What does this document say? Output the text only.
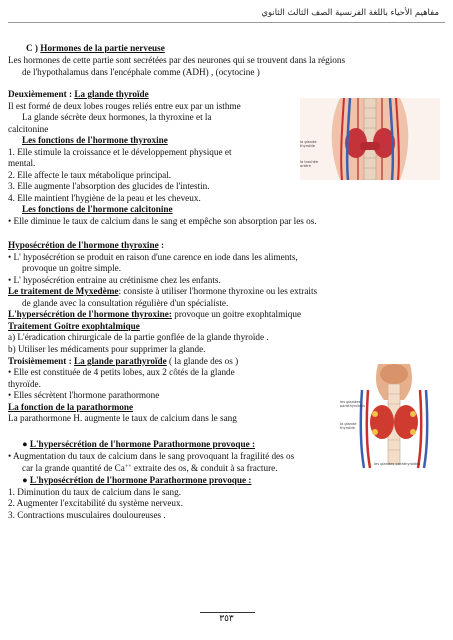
مفاهيم الأحياء باللغة الفرنسية الصف الثالث الثانوي
C ) Hormones de la partie nerveuse
Les hormones de cette partie sont secrétées par des neurones qui se trouvent dans la régions
de l'hypothalamus dans l'encéphale comme (ADH) , (ocytocine )
Deuxièmement : La glande thyroïde
Il est formé de deux lobes rouges reliés entre eux par un isthme
La glande sécrète deux hormones, la thyroxine et la
calcitonine
Les fonctions de l'hormone thyroxine
1. Elle stimule la croissance et le développement physique et
mental.
2. Elle affecte le taux métabolique principal.
3. Elle augmente l'absorption des glucides de l'intestin.
4. Elle maintient l'hygiène de la peau et les cheveux.
Les fonctions de l'hormone calcitonine
• Elle diminue le taux de calcium dans le sang et empêche son absorption par les os.
Hyposécrétion de l'hormone thyroxine :
• L' hyposécrétion se produit en raison d'une carence en iode dans les aliments,
provoque un goitre simple.
• L' hyposécrétion entraine au crétinisme chez les enfants.
Le traitement de Myxedème: consiste à utiliser l'hormone thyroxine ou les extraits
de glande avec la consultation régulière d'un spécialiste.
L'hypersécrétion de l'hormone thyroxine: provoque un goitre exophtalmique
Traitement Goitre exophtalmique
a) L'éradication chirurgicale de la partie gonflée de la glande thyroïde .
b) Utiliser les médicaments pour supprimer la glande.
Troisièmement : La glande parathyroïde ( la glande des os )
• Elle est constituée de 4 petits lobes, aux 2 côtés de la glande
thyroïde.
• Elles sécrètent l'hormone parathormone
La fonction de la parathormone
La parathormone H. augmente le taux de calcium dans le sang
● L'hypersécrétion de l'hormone Parathormone provoque :
• Augmentation du taux de calcium dans le sang provoquant la fragilité des os
car la grande quantité de Ca++ extraite des os, & conduit à sa fracture.
● L'hyposécrétion de l'hormone Parathormone provoque :
1. Diminution du taux de calcium dans le sang.
2. Augmenter l'excitabilité du système nerveux.
3. Contractions musculaires douloureuses .
la glande
thyroïde
la trachée
artère
les glandes
parathyroïdes
la glande
thyroïde
les glandes parathyroïdes
٣٥٣
